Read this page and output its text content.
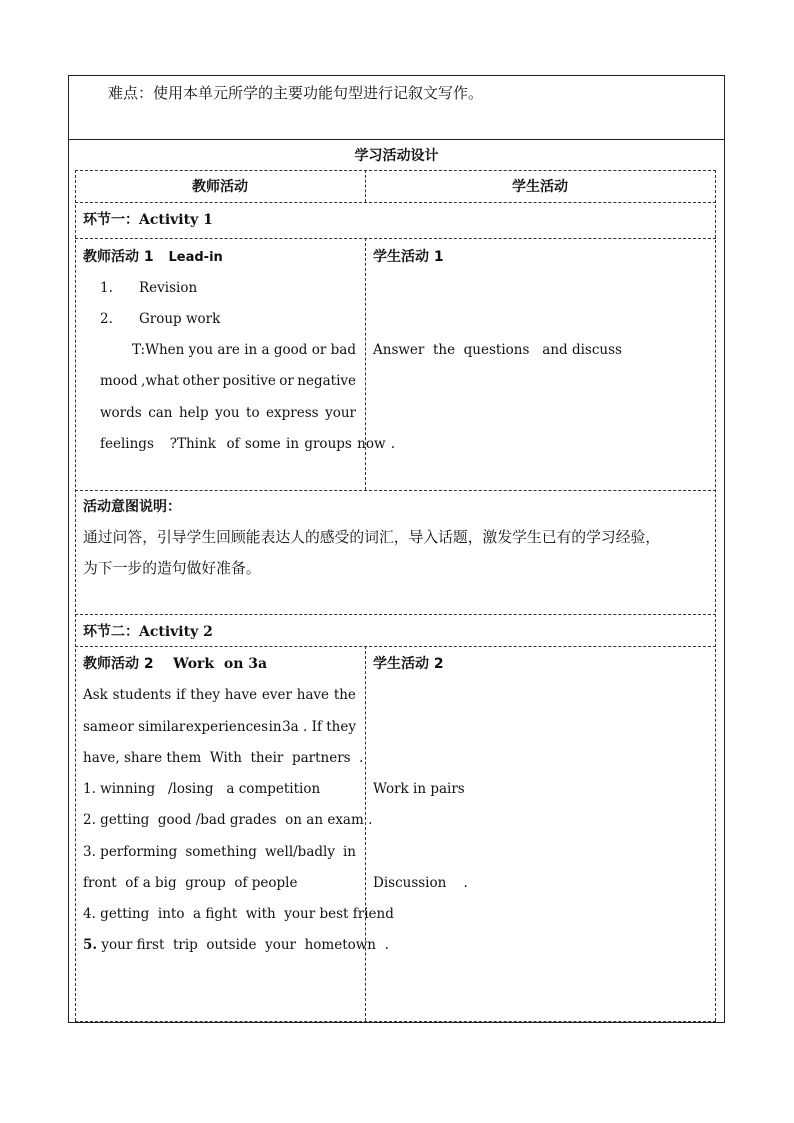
难点：使用本单元所学的主要功能句型进行记叙文写作。
学习活动设计
教师活动	学生活动
环节一：Activity 1
教师活动 1 Lead-in
1. Revision
2. Group work
T:When you are in a good or bad
mood ,what other positive or negative
words can help you to express your
feelings ?Think of some in groups now .
学生活动 1
Answer  the  questions   and discuss
活动意图说明：
通过问答，引导学生回顾能表达人的感受的词汇，导入话题，激发学生已有的学习经验，
为下一步的造句做好准备。
环节二：Activity 2
教师活动 2 Work  on 3a
Ask students if they have ever have the
same or similar experiences in 3a . If they
have, share them  With  their  partners  .
1. winning   /losing   a competition
2. getting  good /bad grades  on an exam .
3. performing something well/badly in
front  of a big  group  of people
4. getting  into  a fight  with  your best friend
5. your first  trip  outside  your  hometown  .
学生活动 2
Work in pairs
Discussion    .
